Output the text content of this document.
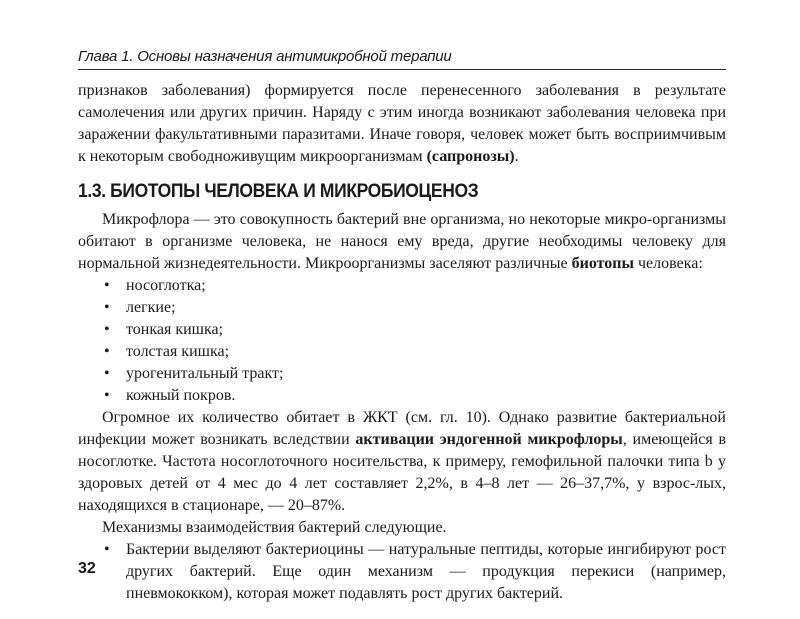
Глава 1. Основы назначения антимикробной терапии

признаков заболевания) формируется после перенесенного заболевания в результате самолечения или других причин. Наряду с этим иногда возникают заболевания человека при заражении факультативными паразитами. Иначе говоря, человек может быть восприимчивым к некоторым свободноживущим микроорганизмам (сапронозы).

1.3. БИОТОПЫ ЧЕЛОВЕКА И МИКРОБИОЦЕНОЗ

Микрофлора — это совокупность бактерий вне организма, но некоторые микро-организмы обитают в организме человека, не нанося ему вреда, другие необходимы человеку для нормальной жизнедеятельности. Микроорганизмы заселяют различные биотопы человека:

• носоглотка;
• легкие;
• тонкая кишка;
• толстая кишка;
• урогенитальный тракт;
• кожный покров.

Огромное их количество обитает в ЖКТ (см. гл. 10). Однако развитие бактериальной инфекции может возникать вследствии активации эндогенной микрофлоры, имеющейся в носоглотке. Частота носоглоточного носительства, к примеру, гемофильной палочки типа b у здоровых детей от 4 мес до 4 лет составляет 2,2%, в 4–8 лет — 26–37,7%, у взрос-лых, находящихся в стационаре, — 20–87%.

Механизмы взаимодействия бактерий следующие.

• Бактерии выделяют бактериоцины — натуральные пептиды, которые ингибируют рост других бактерий. Еще один механизм — продукция перекиси (например, пневмококком), которая может подавлять рост других бактерий.
32
